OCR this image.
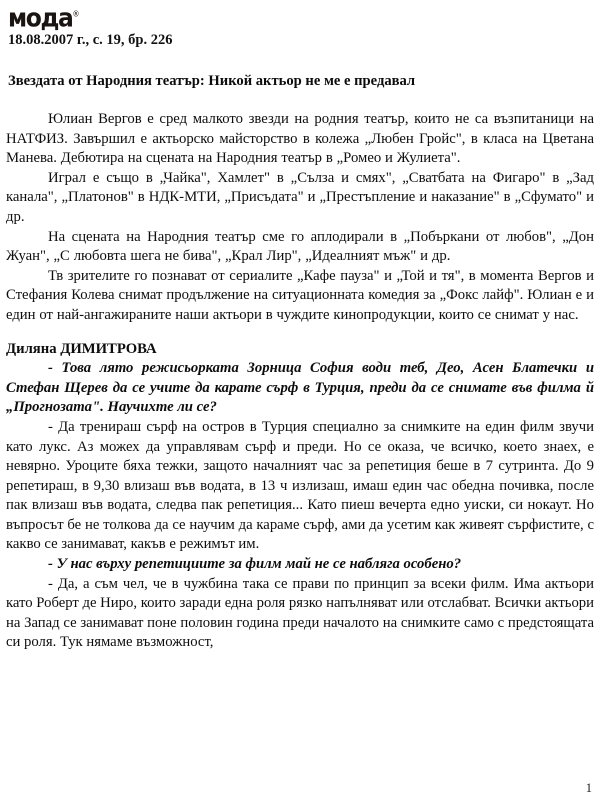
мода®
18.08.2007 г., с. 19, бр. 226
Звездата от Народния театър: Никой актьор не ме е предавал

Юлиан Вергов е сред малкото звезди на родния театър, които не са възпитаници на НАТФИЗ. Завършил е актьорско майсторство в колежа „Любен Гройс", в класа на Цветана Манева. Дебютира на сцената на Народния театър в „Ромео и Жулиета".

Играл е също в „Чайка", Хамлет" в „Сълза и смях", „Сватбата на Фигаро" в „Зад канала", „Платонов" в НДК-МТИ, „Присъдата" и „Престъпление и наказание" в „Сфумато" и др.

На сцената на Народния театър сме го аплодирали в „Побъркани от любов", „Дон Жуан", „С любовта шега не бива", „Крал Лир", „Идеалният мъж" и др.

Тв зрителите го познават от сериалите „Кафе пауза" и „Той и тя", в момента Вергов и Стефания Колева снимат продължение на ситуационната комедия за „Фокс лайф". Юлиан е и един от най-ангажираните наши актьори в чуждите кинопродукции, които се снимат у нас.

Диляна ДИМИТРОВА

- Това лято режисьорката Зорница София води теб, Део, Асен Блатечки и Стефан Щерев да се учите да карате сърф в Турция, преди да се снимате във филма й „Прогнозата". Научихте ли се?

- Да тренираш сърф на остров в Турция специално за снимките на един филм звучи като лукс. Аз можех да управлявам сърф и преди. Но се оказа, че всичко, което знаех, е невярно. Уроците бяха тежки, защото началният час за репетиция беше в 7 сутринта. До 9 репетираш, в 9,30 влизаш във водата, в 13 ч излизаш, имаш един час обедна почивка, после пак влизаш във водата, следва пак репетиция... Като пиеш вечерта едно уиски, си нокаут. Но въпросът бе не толкова да се научим да караме сърф, ами да усетим как живеят сърфистите, с какво се занимават, какъв е режимът им.

- У нас върху репетициите за филм май не се набляга особено?

- Да, а съм чел, че в чужбина така се прави по принцип за всеки филм. Има актьори като Роберт де Ниро, които заради една роля рязко напълняват или отслабват. Всички актьори на Запад се занимават поне половин година преди началото на снимките само с предстоящата си роля. Тук нямаме възможност,

1
